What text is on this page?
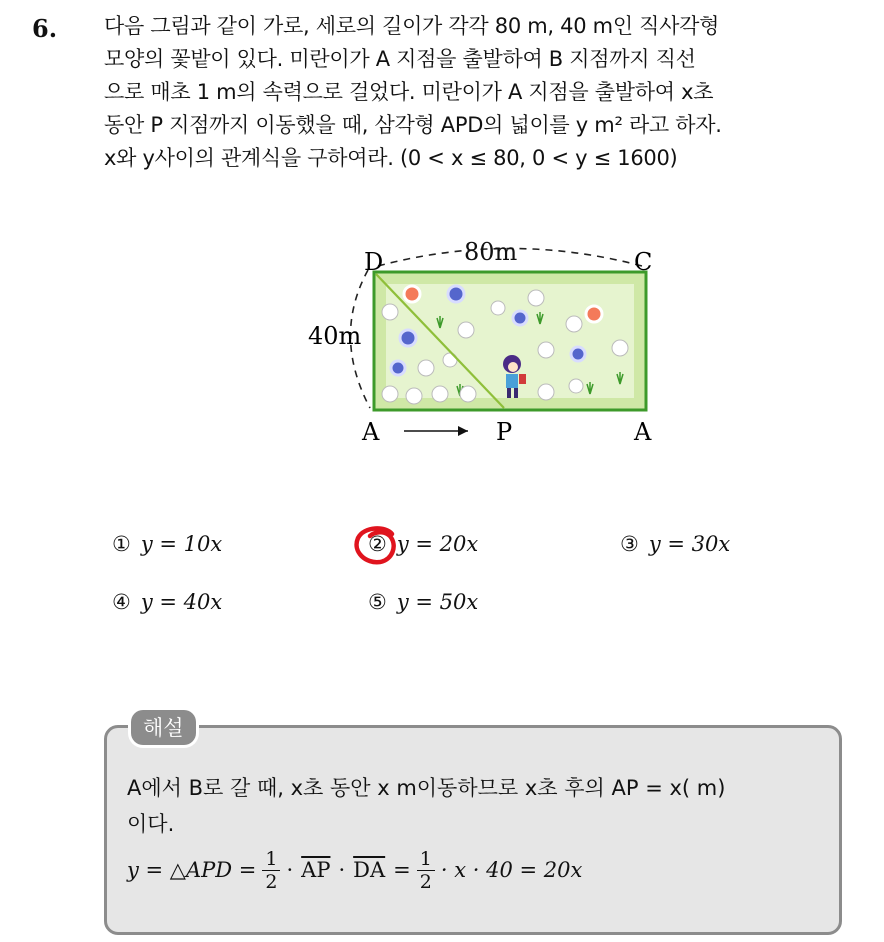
6. 다음 그림과 같이 가로, 세로의 길이가 각각 80 m, 40 m인 직사각형
모양의 꽃밭이 있다. 미란이가 A 지점을 출발하여 B 지점까지 직선
으로 매초 1 m의 속력으로 걸었다. 미란이가 A 지점을 출발하여 x초
동안 P 지점까지 이동했을 때, 삼각형 APD의 넓이를 y m² 라고 하자.
x와 y사이의 관계식을 구하여라. (0 < x ≤ 80, 0 < y ≤ 1600)
D	C
80m
40m
A	P	A
① y = 10x	② y = 20x	③ y = 30x
④ y = 40x	⑤ y = 50x
해설
A에서 B로 갈 때, x초 동안 x m이동하므로 x초 후의 AP = x( m)
이다.
y = △APD = $\frac{1}{2} \cdot \overline{AP} \cdot \overline{DA} = \frac{1}{2} \cdot x \cdot 40 = 20x$
